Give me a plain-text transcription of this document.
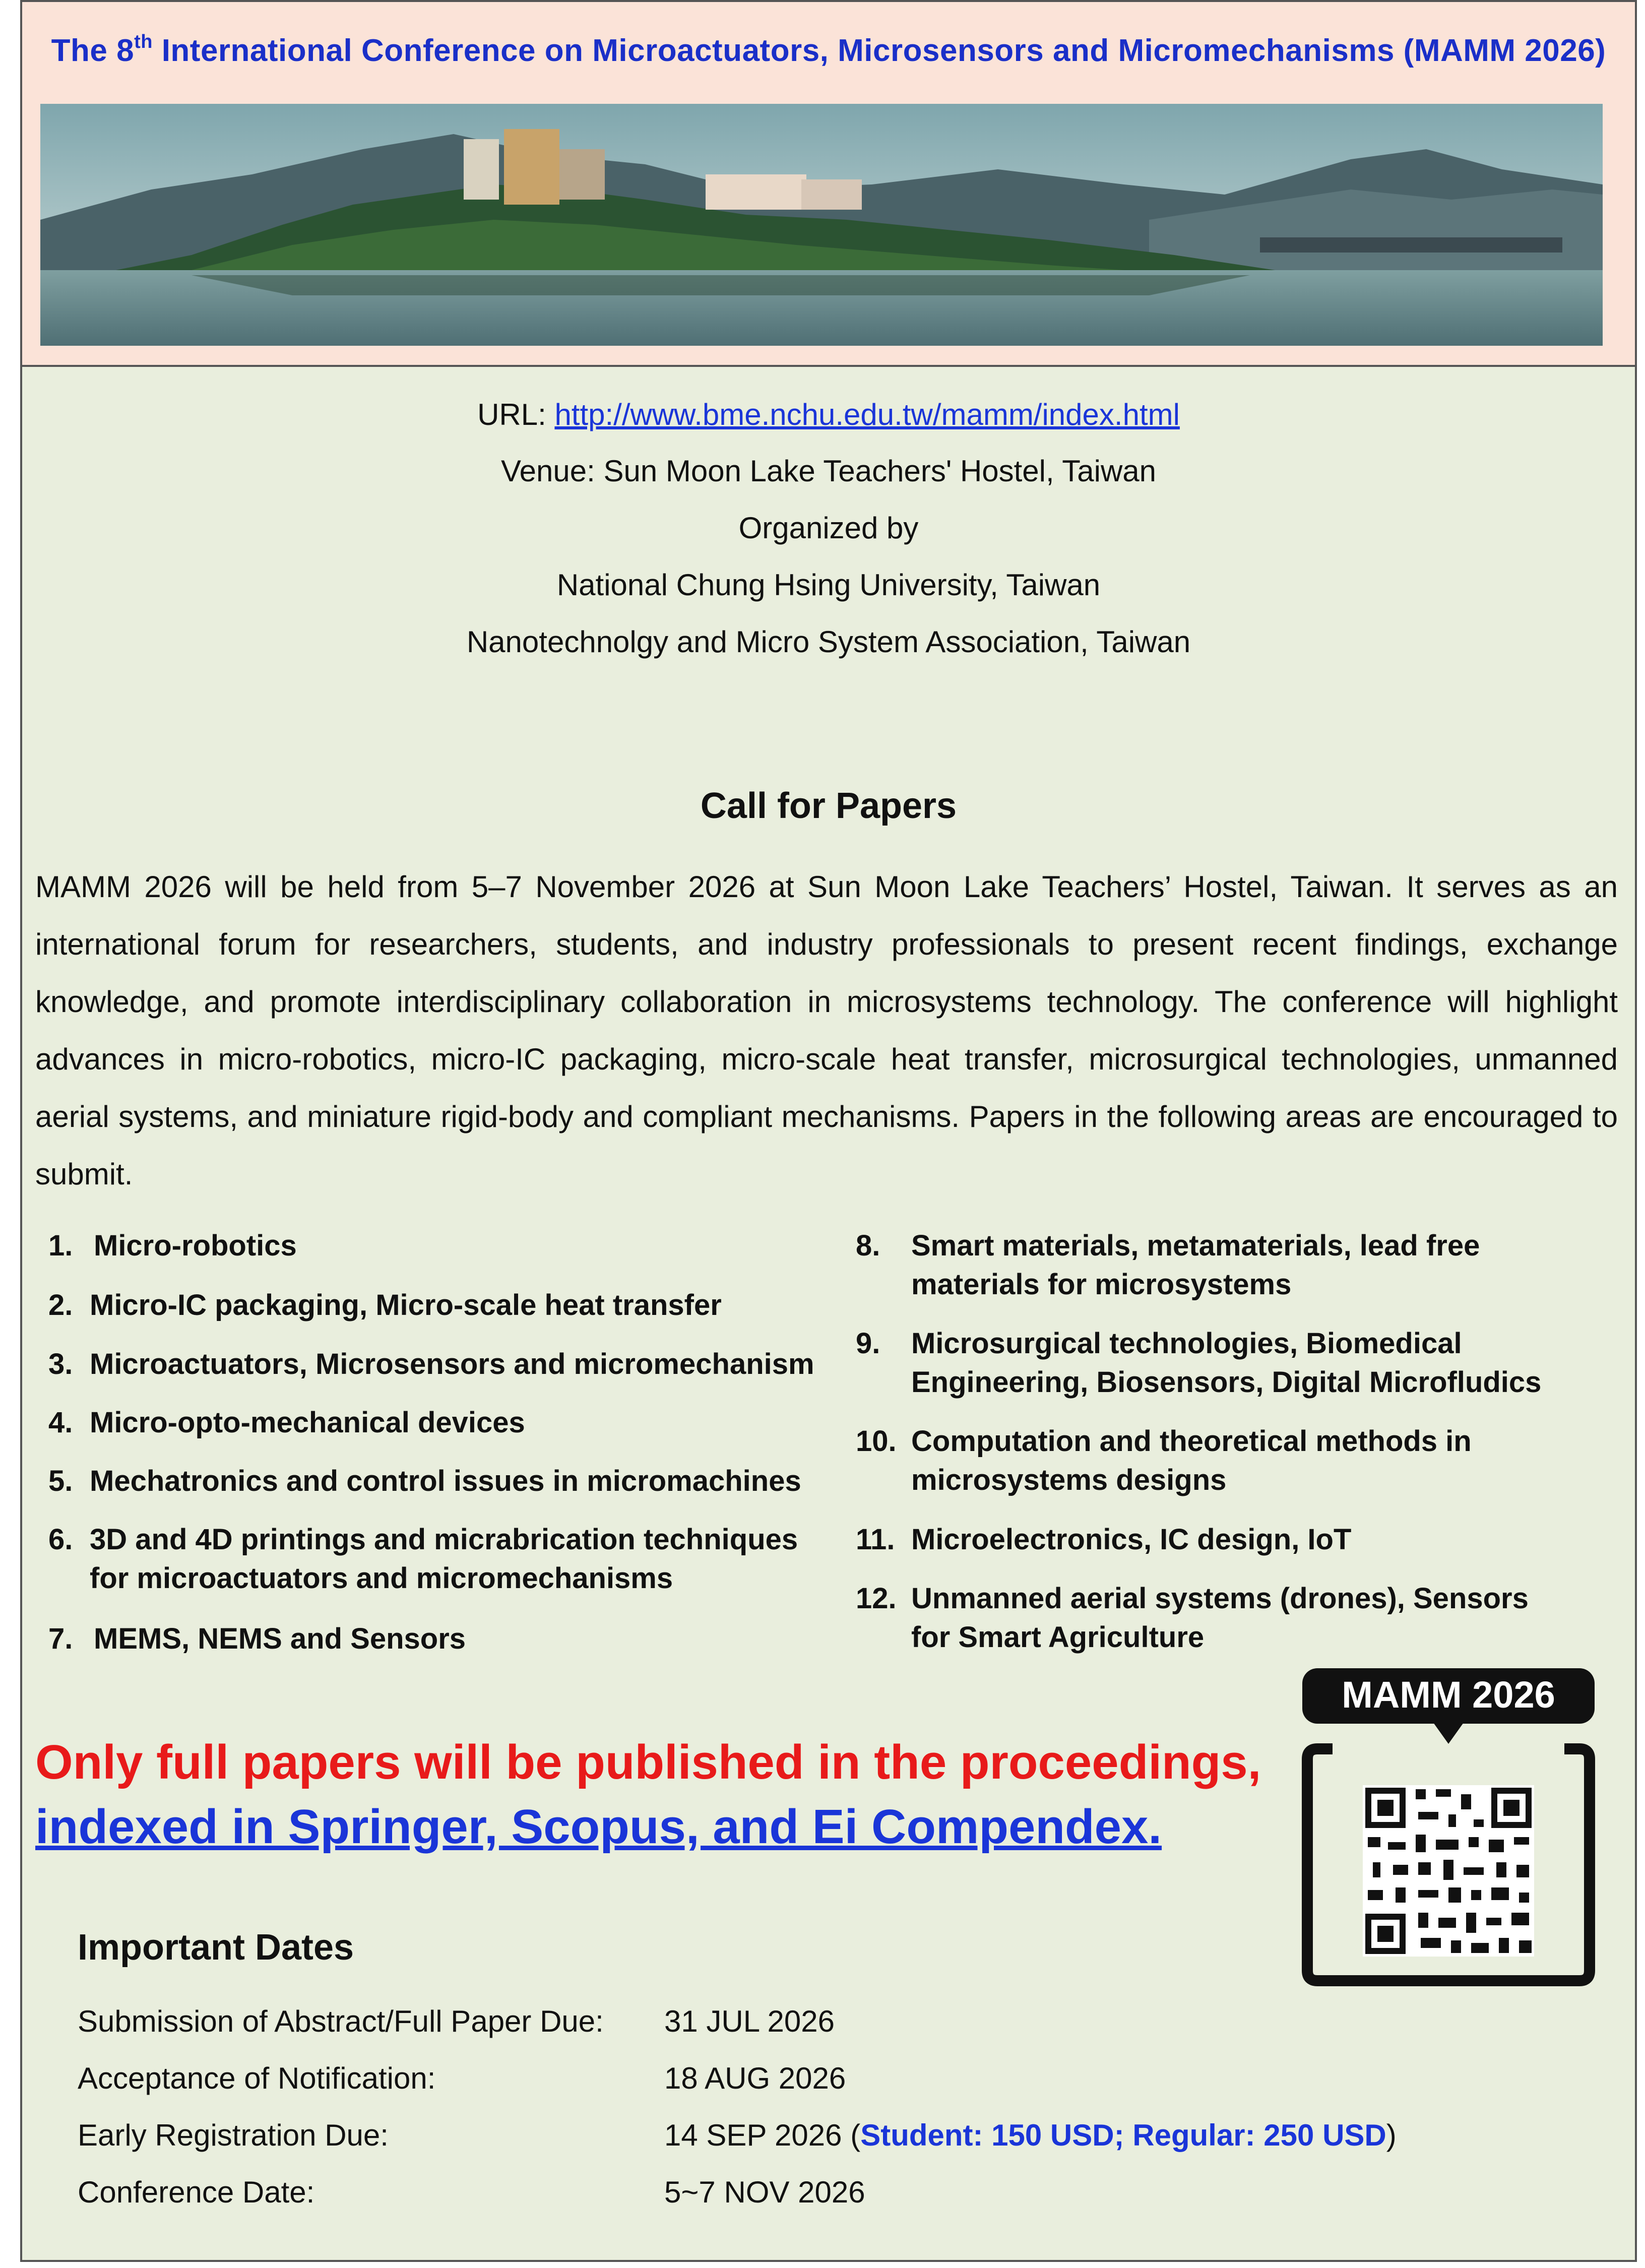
The 8th International Conference on Microactuators, Microsensors and Micromechanisms (MAMM 2026)
URL: http://www.bme.nchu.edu.tw/mamm/index.html
Venue: Sun Moon Lake Teachers' Hostel, Taiwan
Organized by
National Chung Hsing University, Taiwan
Nanotechnolgy and Micro System Association, Taiwan
Call for Papers
MAMM 2026 will be held from 5–7 November 2026 at Sun Moon Lake Teachers’ Hostel, Taiwan. It serves as an international forum for researchers, students, and industry professionals to present recent findings, exchange knowledge, and promote interdisciplinary collaboration in microsystems technology. The conference will highlight advances in micro-robotics, micro-IC packaging, micro-scale heat transfer, microsurgical technologies, unmanned aerial systems, and miniature rigid-body and compliant mechanisms. Papers in the following areas are encouraged to submit.
1. Micro-robotics
2. Micro-IC packaging, Micro-scale heat transfer
3. Microactuators, Microsensors and micromechanism
4. Micro-opto-mechanical devices
5. Mechatronics and control issues in micromachines
6. 3D and 4D printings and micrabrication techniques for microactuators and micromechanisms
7. MEMS, NEMS and Sensors
8.	Smart materials, metamaterials, lead free materials for microsystems
9.	Microsurgical technologies, Biomedical Engineering, Biosensors, Digital Microfludics
10. Computation and theoretical methods in microsystems designs
11. Microelectronics, IC design, IoT
12. Unmanned aerial systems (drones), Sensors for Smart Agriculture
Only full papers will be published in the proceedings,
indexed in Springer, Scopus, and Ei Compendex.
MAMM 2026
Important Dates
Submission of Abstract/Full Paper Due: 31 JUL 2026
Acceptance of Notification:	18 AUG 2026
Early Registration Due:	14 SEP 2026 (Student: 150 USD; Regular: 250 USD)
Conference Date:	5~7 NOV 2026
